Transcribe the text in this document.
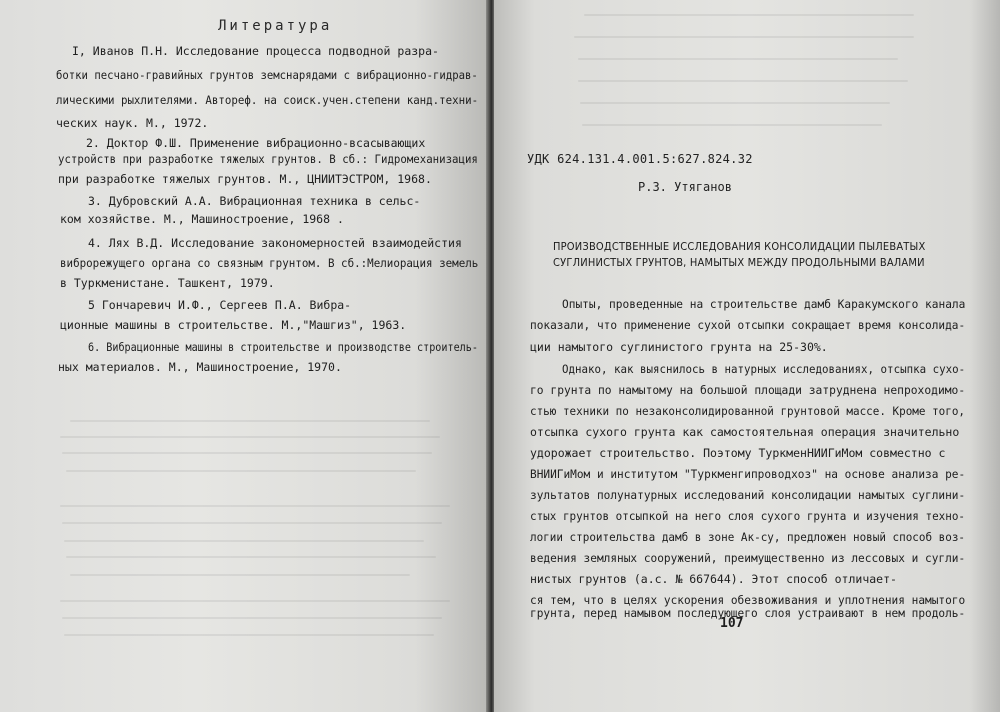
Литература
I, Иванов П.Н. Исследование процесса подводной разра-
ботки песчано-гравийных грунтов земснарядами с вибрационно-гидрав-
лическими рыхлителями. Автореф. на соиск.учен.степени канд.техни-
ческих наук. М., 1972.
2. Доктор Ф.Ш. Применение вибрационно-всасывающих
устройств при разработке тяжелых грунтов. В сб.: Гидромеханизация
при разработке тяжелых грунтов. М., ЦНИИТЭСТРОМ, 1968.
3. Дубровский А.А. Вибрационная техника в сельс-
ком хозяйстве. М., Машиностроение, 1968 .
4. Лях В.Д. Исследование закономерностей взаимодейстия
виброрежущего органа со связным грунтом. В сб.:Мелиорация земель
в Туркменистане. Ташкент, 1979.
5 Гончаревич И.Ф., Сергеев П.А. Вибра-
ционные машины в строительстве. М.,"Машгиз", 1963.
6. Вибрационные машины в строительстве и производстве строитель-
ных материалов. М., Машиностроение, 1970.
УДК 624.131.4.001.5:627.824.32
Р.З. Утяганов
ПРОИЗВОДСТВЕННЫЕ ИССЛЕДОВАНИЯ КОНСОЛИДАЦИИ ПЫЛЕВАТЫХ
СУГЛИНИСТЫХ ГРУНТОВ, НАМЫТЫХ МЕЖДУ ПРОДОЛЬНЫМИ ВАЛАМИ
Опыты, проведенные на строительстве дамб Каракумского канала
показали, что применение сухой отсыпки сокращает время консолида-
ции намытого суглинистого грунта на 25-30%.
Однако, как выяснилось в натурных исследованиях, отсыпка сухо-
го грунта по намытому на большой площади затруднена непроходимо-
стью техники по незаконсолидированной грунтовой массе. Кроме того,
отсыпка сухого грунта как самостоятельная операция значительно
удорожает строительство. Поэтому ТуркменНИИГиМом совместно с
ВНИИГиМом и институтом "Туркменгипроводхоз" на основе анализа ре-
зультатов полунатурных исследований консолидации намытых суглини-
стых грунтов отсыпкой на него слоя сухого грунта и изучения техно-
логии строительства дамб в зоне Ак-су, предложен новый способ воз-
ведения земляных сооружений, преимущественно из лессовых и сугли-
нистых грунтов (а.с. № 667644). Этот способ отличает-
ся тем, что в целях ускорения обезвоживания и уплотнения намытого
грунта, перед намывом последующего слоя устраивают в нем продоль-
107
